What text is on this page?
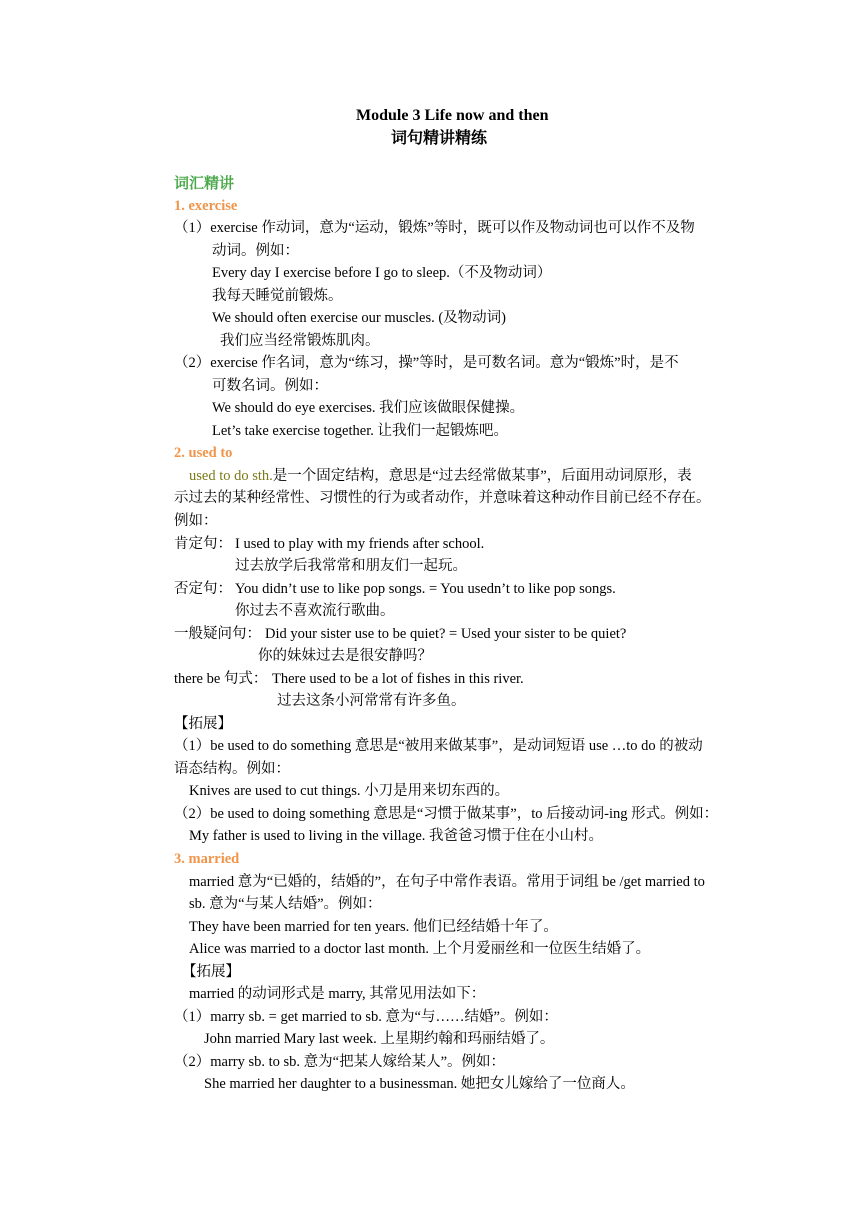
Module 3 Life now and then
词句精讲精练
词汇精讲
1. exercise
（1）exercise 作动词，意为“运动，锻炼”等时，既可以作及物动词也可以作不及物
动词。例如：
Every day I exercise before I go to sleep.（不及物动词）
我每天睡觉前锻炼。
We should often exercise our muscles. (及物动词)
我们应当经常锻炼肌肉。
（2）exercise 作名词，意为“练习，操”等时，是可数名词。意为“锻炼”时，是不
可数名词。例如：
We should do eye exercises. 我们应该做眼保健操。
Let’s take exercise together. 让我们一起锻炼吧。
2. used to
used to do sth.是一个固定结构，意思是“过去经常做某事”，后面用动词原形，表
示过去的某种经常性、习惯性的行为或者动作，并意味着这种动作目前已经不存在。
例如：
肯定句： I used to play with my friends after school.
过去放学后我常常和朋友们一起玩。
否定句： You didn’t use to like pop songs. = You usedn’t to like pop songs.
你过去不喜欢流行歌曲。
一般疑问句： Did your sister use to be quiet? = Used your sister to be quiet?
你的妹妹过去是很安静吗？
there be 句式： There used to be a lot of fishes in this river.
过去这条小河常常有许多鱼。
【拓展】
（1）be used to do something 意思是“被用来做某事”，是动词短语 use …to do 的被动
语态结构。例如：
Knives are used to cut things. 小刀是用来切东西的。
（2）be used to doing something 意思是“习惯于做某事”，to 后接动词-ing 形式。例如：
My father is used to living in the village. 我爸爸习惯于住在小山村。
3. married
married 意为“已婚的，结婚的”，在句子中常作表语。常用于词组 be /get married to
sb. 意为“与某人结婚”。例如：
They have been married for ten years. 他们已经结婚十年了。
Alice was married to a doctor last month. 上个月爱丽丝和一位医生结婚了。
【拓展】
married 的动词形式是 marry, 其常见用法如下：
（1）marry sb. = get married to sb. 意为“与……结婚”。例如：
John married Mary last week. 上星期约翰和玛丽结婚了。
（2）marry sb. to sb. 意为“把某人嫁给某人”。例如：
She married her daughter to a businessman. 她把女儿嫁给了一位商人。
